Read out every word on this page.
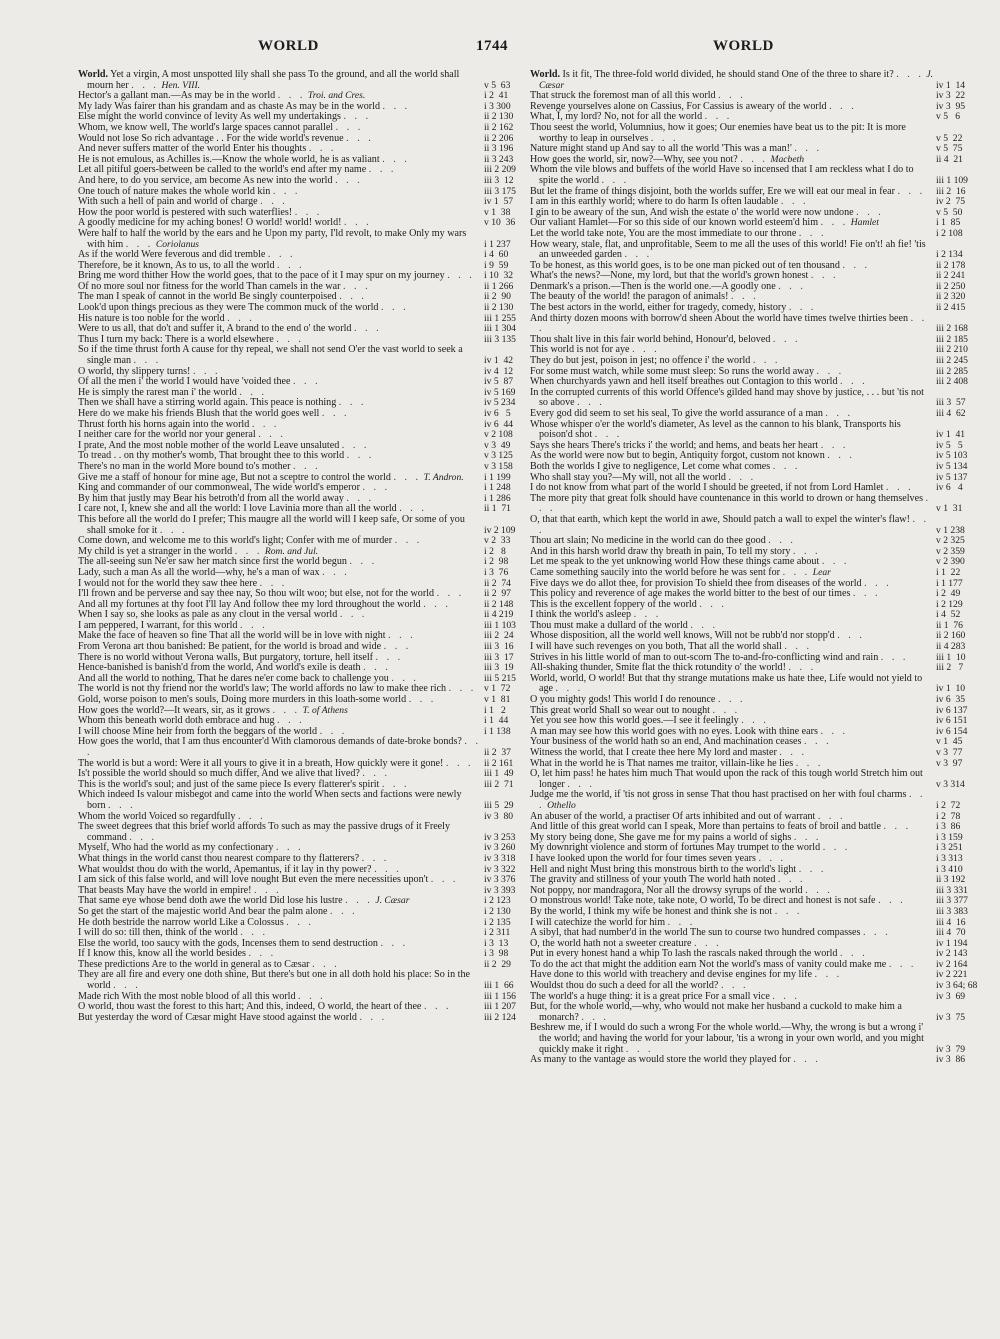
WORLD	1744	WORLD

World. Yet a virgin, A most unspotted lily shall she pass To the ground, and all the world shall mourn her . . . Hen. VIII.	v 5  63

Hector's a gallant man.—As may be in the world . . . Troi. and Cres.	i 2  41

My lady Was fairer than his grandam and as chaste As may be in the world . . .	i 3 300

Else might the world convince of levity As well my undertakings . . .	ii 2 130

Whom, we know well, The world's large spaces cannot parallel . . .	ii 2 162

Would not lose So rich advantage . . For the wide world's revenue . . .	ii 2 206

And never suffers matter of the world Enter his thoughts . . .	ii 3 196

He is not emulous, as Achilles is.—Know the whole world, he is as valiant . . .	ii 3 243

Let all pitiful goers-between be called to the world's end after my name . . .	iii 2 209

And here, to do you service, am become As new into the world . . .	iii 3  12

One touch of nature makes the whole world kin . . .	iii 3 175

With such a hell of pain and world of charge . . .	iv 1  57

How the poor world is pestered with such waterflies! . . .	v 1  38

A goodly medicine for my aching bones! O world! world! world! . . .	v 10  36

Were half to half the world by the ears and he Upon my party, I'ld revolt, to make Only my wars with him . . . Coriolanus	i 1 237

As if the world Were feverous and did tremble . . .	i 4  60

Therefore, be it known, As to us, to all the world . . .	i 9  59

Bring me word thither How the world goes, that to the pace of it I may spur on my journey . . . i 10  32

Of no more soul nor fitness for the world Than camels in the war . . .	ii 1 266

The man I speak of cannot in the world Be singly counterpoised . . .	ii 2  90

Look'd upon things precious as they were The common muck of the world . . .	ii 2 130

His nature is too noble for the world . . .	iii 1 255

Were to us all, that do't and suffer it, A brand to the end o' the world . . .	iii 1 304

Thus I turn my back: There is a world elsewhere . . .	iii 3 135

So if the time thrust forth A cause for thy repeal, we shall not send O'er the vast world to seek a single man . . .	iv 1  42

O world, thy slippery turns! . . .	iv 4  12

Of all the men i' the world I would have 'voided thee . . .	iv 5  87

He is simply the rarest man i' the world . . .	iv 5 169

Then we shall have a stirring world again. This peace is nothing . . .	iv 5 234

Here do we make his friends Blush that the world goes well . . .	iv 6   5

Thrust forth his horns again into the world . . .	iv 6  44

I neither care for the world nor your general . . .	v 2 108

I prate, And the most noble mother of the world Leave unsaluted . . .	v 3  49

To tread . . on thy mother's womb, That brought thee to this world . . .	v 3 125

There's no man in the world More bound to's mother . . .	v 3 158

Give me a staff of honour for mine age, But not a sceptre to control the world . . . T. Andron. i 1 199

King and commander of our commonweal, The wide world's emperor . . .	i 1 248

By him that justly may Bear his betroth'd from all the world away . . .	i 1 286

I care not, I, knew she and all the world: I love Lavinia more than all the world . . .	ii 1  71

This before all the world do I prefer; This maugre all the world will I keep safe, Or some of you shall smoke for it . . .	iv 2 109

Come down, and welcome me to this world's light; Confer with me of murder . . .	v 2  33

My child is yet a stranger in the world . . . Rom. and Jul.	i 2   8

The all-seeing sun Ne'er saw her match since first the world begun . . .	i 2  98

Lady, such a man As all the world—why, he's a man of wax . . .	i 3  76

I would not for the world they saw thee here . . .	ii 2  74

I'll frown and be perverse and say thee nay, So thou wilt woo; but else, not for the world . . . ii 2  97

And all my fortunes at thy foot I'll lay And follow thee my lord throughout the world . . .	ii 2 148

When I say so, she looks as pale as any clout in the versal world . . .	ii 4 219

I am peppered, I warrant, for this world . . .	iii 1 103

Make the face of heaven so fine That all the world will be in love with night . . .	iii 2  24

From Verona art thou banished: Be patient, for the world is broad and wide . . .	iii 3  16

There is no world without Verona walls, But purgatory, torture, hell itself . . .	iii 3  17

Hence-banished is banish'd from the world, And world's exile is death . . .	iii 3  19

And all the world to nothing, That he dares ne'er come back to challenge you . . .	iii 5 215

The world is not thy friend nor the world's law; The world affords no law to make thee rich . . . v 1  72

Gold, worse poison to men's souls, Doing more murders in this loath-some world . . .	v 1  81

How goes the world?—It wears, sir, as it grows . . . T. of Athens	i 1   2

Whom this beneath world doth embrace and hug . . .	i 1  44

I will choose Mine heir from forth the beggars of the world . . .	i 1 138

How goes the world, that I am thus encounter'd With clamorous demands of date-broke bonds? . . .	ii 2  37

The world is but a word: Were it all yours to give it in a breath, How quickly were it gone! . . . ii 2 161

Is't possible the world should so much differ, And we alive that lived? . . .	iii 1  49

This is the world's soul; and just of the same piece Is every flatterer's spirit . . .	iii 2  71

Which indeed Is valour misbegot and came into the world When sects and factions were newly born . . .	iii 5  29

Whom the world Voiced so regardfully . . .	iv 3  80

The sweet degrees that this brief world affords To such as may the passive drugs of it Freely command . . .	iv 3 253

Myself, Who had the world as my confectionary . . .	iv 3 260

What things in the world canst thou nearest compare to thy flatterers? . . .	iv 3 318

What wouldst thou do with the world, Apemantus, if it lay in thy power? . . .	iv 3 322

I am sick of this false world, and will love nought But even the mere necessities upon't . . .	iv 3 376

That beasts May have the world in empire! . . .	iv 3 393

That same eye whose bend doth awe the world Did lose his lustre . . . J. Cæsar	i 2 123

So get the start of the majestic world And bear the palm alone . . .	i 2 130

He doth bestride the narrow world Like a Colossus . . .	i 2 135

I will do so: till then, think of the world . . .	i 2 311

Else the world, too saucy with the gods, Incenses them to send destruction . . .	i 3  13

If I know this, know all the world besides . . .	i 3  98

These predictions Are to the world in general as to Cæsar . . .	ii 2  29

They are all fire and every one doth shine, But there's but one in all doth hold his place: So in the world . . .	iii 1  66

Made rich With the most noble blood of all this world . . .	iii 1 156

O world, thou wast the forest to this hart; And this, indeed, O world, the heart of thee . . .	iii 1 207

But yesterday the word of Cæsar might Have stood against the world . . .	iii 2 124

World. Is it fit, The three-fold world divided, he should stand One of the three to share it? . . . J. Cæsar	iv 1  14

That struck the foremost man of all this world . . .	iv 3  22

Revenge yourselves alone on Cassius, For Cassius is aweary of the world . . .	iv 3  95

What, I, my lord? No, not for all the world . . .	v 5   6

Thou seest the world, Volumnius, how it goes; Our enemies have beat us to the pit: It is more worthy to leap in ourselves . . .	v 5  22

Nature might stand up And say to all the world 'This was a man!' . . .	v 5  75

How goes the world, sir, now?—Why, see you not? . . . Macbeth	ii 4  21

Whom the vile blows and buffets of the world Have so incensed that I am reckless what I do to spite the world . . .	iii 1 109

But let the frame of things disjoint, both the worlds suffer, Ere we will eat our meal in fear . . . iii 2  16

I am in this earthly world; where to do harm Is often laudable . . .	iv 2  75

I gin to be aweary of the sun, And wish the estate o' the world were now undone . . .	v 5  50

Our valiant Hamlet—For so this side of our known world esteem'd him . . . Hamlet	i 1  85

Let the world take note, You are the most immediate to our throne . . .	i 2 108

How weary, stale, flat, and unprofitable, Seem to me all the uses of this world! Fie on't! ah fie! 'tis an unweeded garden . . .	i 2 134

To be honest, as this world goes, is to be one man picked out of ten thousand . . .	ii 2 178

What's the news?—None, my lord, but that the world's grown honest . . .	ii 2 241

Denmark's a prison.—Then is the world one.—A goodly one . . .	ii 2 250

The beauty of the world! the paragon of animals! . . .	ii 2 320

The best actors in the world, either for tragedy, comedy, history . . .	ii 2 415

And thirty dozen moons with borrow'd sheen About the world have times twelve thirties been . . .	iii 2 168

Thou shalt live in this fair world behind, Honour'd, beloved . . .	iii 2 185

This world is not for aye . . .	iii 2 210

They do but jest, poison in jest; no offence i' the world . . .	iii 2 245

For some must watch, while some must sleep: So runs the world away . . .	iii 2 285

When churchyards yawn and hell itself breathes out Contagion to this world . . .	iii 2 408

In the corrupted currents of this world Offence's gilded hand may shove by justice, . . . but 'tis not so above . . .	iii 3  57

Every god did seem to set his seal, To give the world assurance of a man . . .	iii 4  62

Whose whisper o'er the world's diameter, As level as the cannon to his blank, Transports his poison'd shot . . .	iv 1  41

Says she hears There's tricks i' the world; and hems, and beats her heart . . .	iv 5   5

As the world were now but to begin, Antiquity forgot, custom not known . . .	iv 5 103

Both the worlds I give to negligence, Let come what comes . . .	iv 5 134

Who shall stay you?—My will, not all the world . . .	iv 5 137

I do not know from what part of the world I should be greeted, if not from Lord Hamlet . . . iv 6   4

The more pity that great folk should have countenance in this world to drown or hang themselves . . .	v 1  31

O, that that earth, which kept the world in awe, Should patch a wall to expel the winter's flaw! . . .	v 1 238

Thou art slain; No medicine in the world can do thee good . . .	v 2 325

And in this harsh world draw thy breath in pain, To tell my story . . .	v 2 359

Let me speak to the yet unknowing world How these things came about . . .	v 2 390

Came something saucily into the world before he was sent for . . . Lear	i 1  22

Five days we do allot thee, for provision To shield thee from diseases of the world . . .	i 1 177

This policy and reverence of age makes the world bitter to the best of our times . . .	i 2  49

This is the excellent foppery of the world . . .	i 2 129

I think the world's asleep . . .	i 4  52

Thou must make a dullard of the world . . .	ii 1  76

Whose disposition, all the world well knows, Will not be rubb'd nor stopp'd . . .	ii 2 160

I will have such revenges on you both, That all the world shall . . .	ii 4 283

Strives in his little world of man to out-scorn The to-and-fro-conflicting wind and rain . . .	iii 1  10

All-shaking thunder, Smite flat the thick rotundity o' the world! . . .	iii 2   7

World, world, O world! But that thy strange mutations make us hate thee, Life would not yield to age . . .	iv 1  10

O you mighty gods! This world I do renounce . . .	iv 6  35

This great world Shall so wear out to nought . . .	iv 6 137

Yet you see how this world goes.—I see it feelingly . . .	iv 6 151

A man may see how this world goes with no eyes. Look with thine ears . . .	iv 6 154

Your business of the world hath so an end, And machination ceases . . .	v 1  45

Witness the world, that I create thee here My lord and master . . .	v 3  77

What in the world he is That names me traitor, villain-like he lies . . .	v 3  97

O, let him pass! he hates him much That would upon the rack of this tough world Stretch him out longer . . .	v 3 314

Judge me the world, if 'tis not gross in sense That thou hast practised on her with foul charms . . . Othello	i 2  72

An abuser of the world, a practiser Of arts inhibited and out of warrant . . .	i 2  78

And little of this great world can I speak, More than pertains to feats of broil and battle . . .	i 3  86

My story being done, She gave me for my pains a world of sighs . . .	i 3 159

My downright violence and storm of fortunes May trumpet to the world . . .	i 3 251

I have looked upon the world for four times seven years . . .	i 3 313

Hell and night Must bring this monstrous birth to the world's light . . .	i 3 410

The gravity and stillness of your youth The world hath noted . . .	ii 3 192

Not poppy, nor mandragora, Nor all the drowsy syrups of the world . . .	iii 3 331

O monstrous world! Take note, take note, O world, To be direct and honest is not safe . . .	iii 3 377

By the world, I think my wife be honest and think she is not . . .	iii 3 383

I will catechize the world for him . . .	iii 4  16

A sibyl, that had number'd in the world The sun to course two hundred compasses . . .	iii 4  70

O, the world hath not a sweeter creature . . .	iv 1 194

Put in every honest hand a whip To lash the rascals naked through the world . . .	iv 2 143

To do the act that might the addition earn Not the world's mass of vanity could make me . . . iv 2 164

Have done to this world with treachery and devise engines for my life . . .	iv 2 221

Wouldst thou do such a deed for all the world? . . .	iv 3 64; 68

The world's a huge thing: it is a great price For a small vice . . .	iv 3  69

But, for the whole world,—why, who would not make her husband a cuckold to make him a monarch? . . .	iv 3  75

Beshrew me, if I would do such a wrong For the whole world.—Why, the wrong is but a wrong i' the world; and having the world for your labour, 'tis a wrong in your own world, and you might quickly make it right . . .	iv 3  79

As many to the vantage as would store the world they played for . . .	iv 3  86
